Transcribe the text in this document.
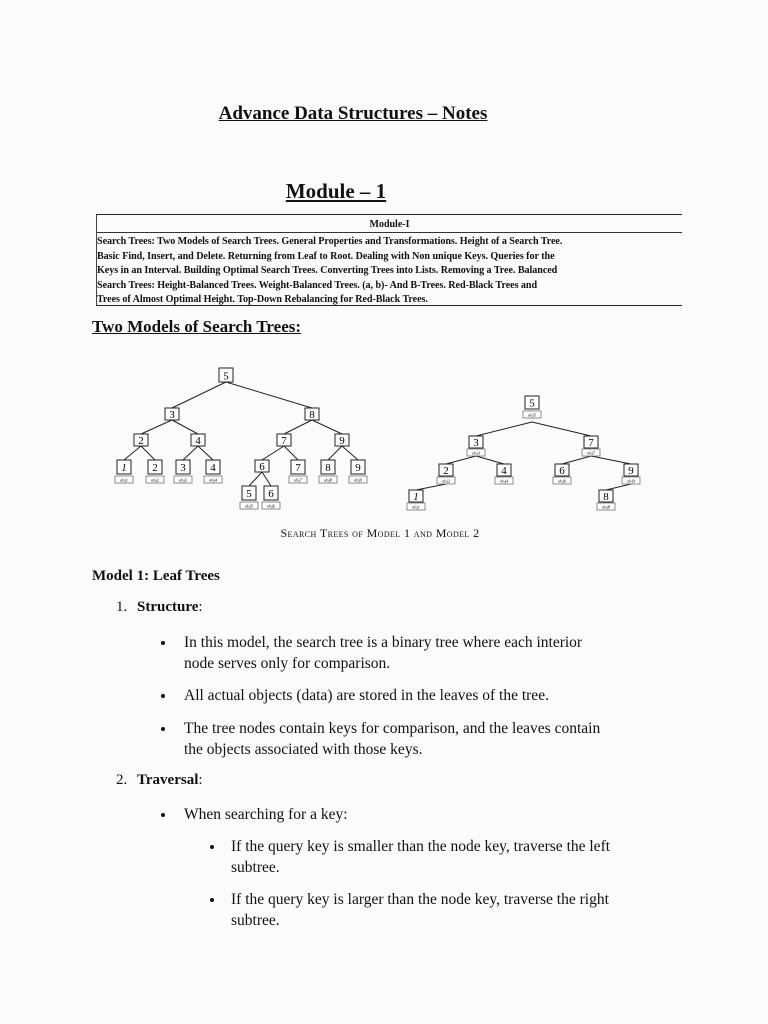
Advance Data Structures – Notes
Module – 1
Module-I
Search Trees: Two Models of Search Trees. General Properties and Transformations. Height of a Search Tree.
Basic Find, Insert, and Delete. Returning from Leaf to Root. Dealing with Non unique Keys. Queries for the
Keys in an Interval. Building Optimal Search Trees. Converting Trees into Lists. Removing a Tree. Balanced
Search Trees: Height-Balanced Trees. Weight-Balanced Trees. (a, b)- And B-Trees. Red-Black Trees and
Trees of Almost Optimal Height. Top-Down Rebalancing for Red-Black Trees.
Two Models of Search Trees:
5
3	8
2	4	7	9
6
1
obj1
2
obj2
3
obj3
4
obj4
5
obj5
6
obj6
7
obj7
8
obj8
9
obj9
5
obj5
3
obj3
7
obj7
2
obj2
4
obj4
6
obj6
9
obj9
1
obj1
8
obj8
Search Trees of Model 1 and Model 2
Model 1: Leaf Trees
1. Structure:
In this model, the search tree is a binary tree where each interior
node serves only for comparison.
All actual objects (data) are stored in the leaves of the tree.
The tree nodes contain keys for comparison, and the leaves contain
the objects associated with those keys.
2. Traversal:
When searching for a key:
If the query key is smaller than the node key, traverse the left
subtree.
If the query key is larger than the node key, traverse the right
subtree.
